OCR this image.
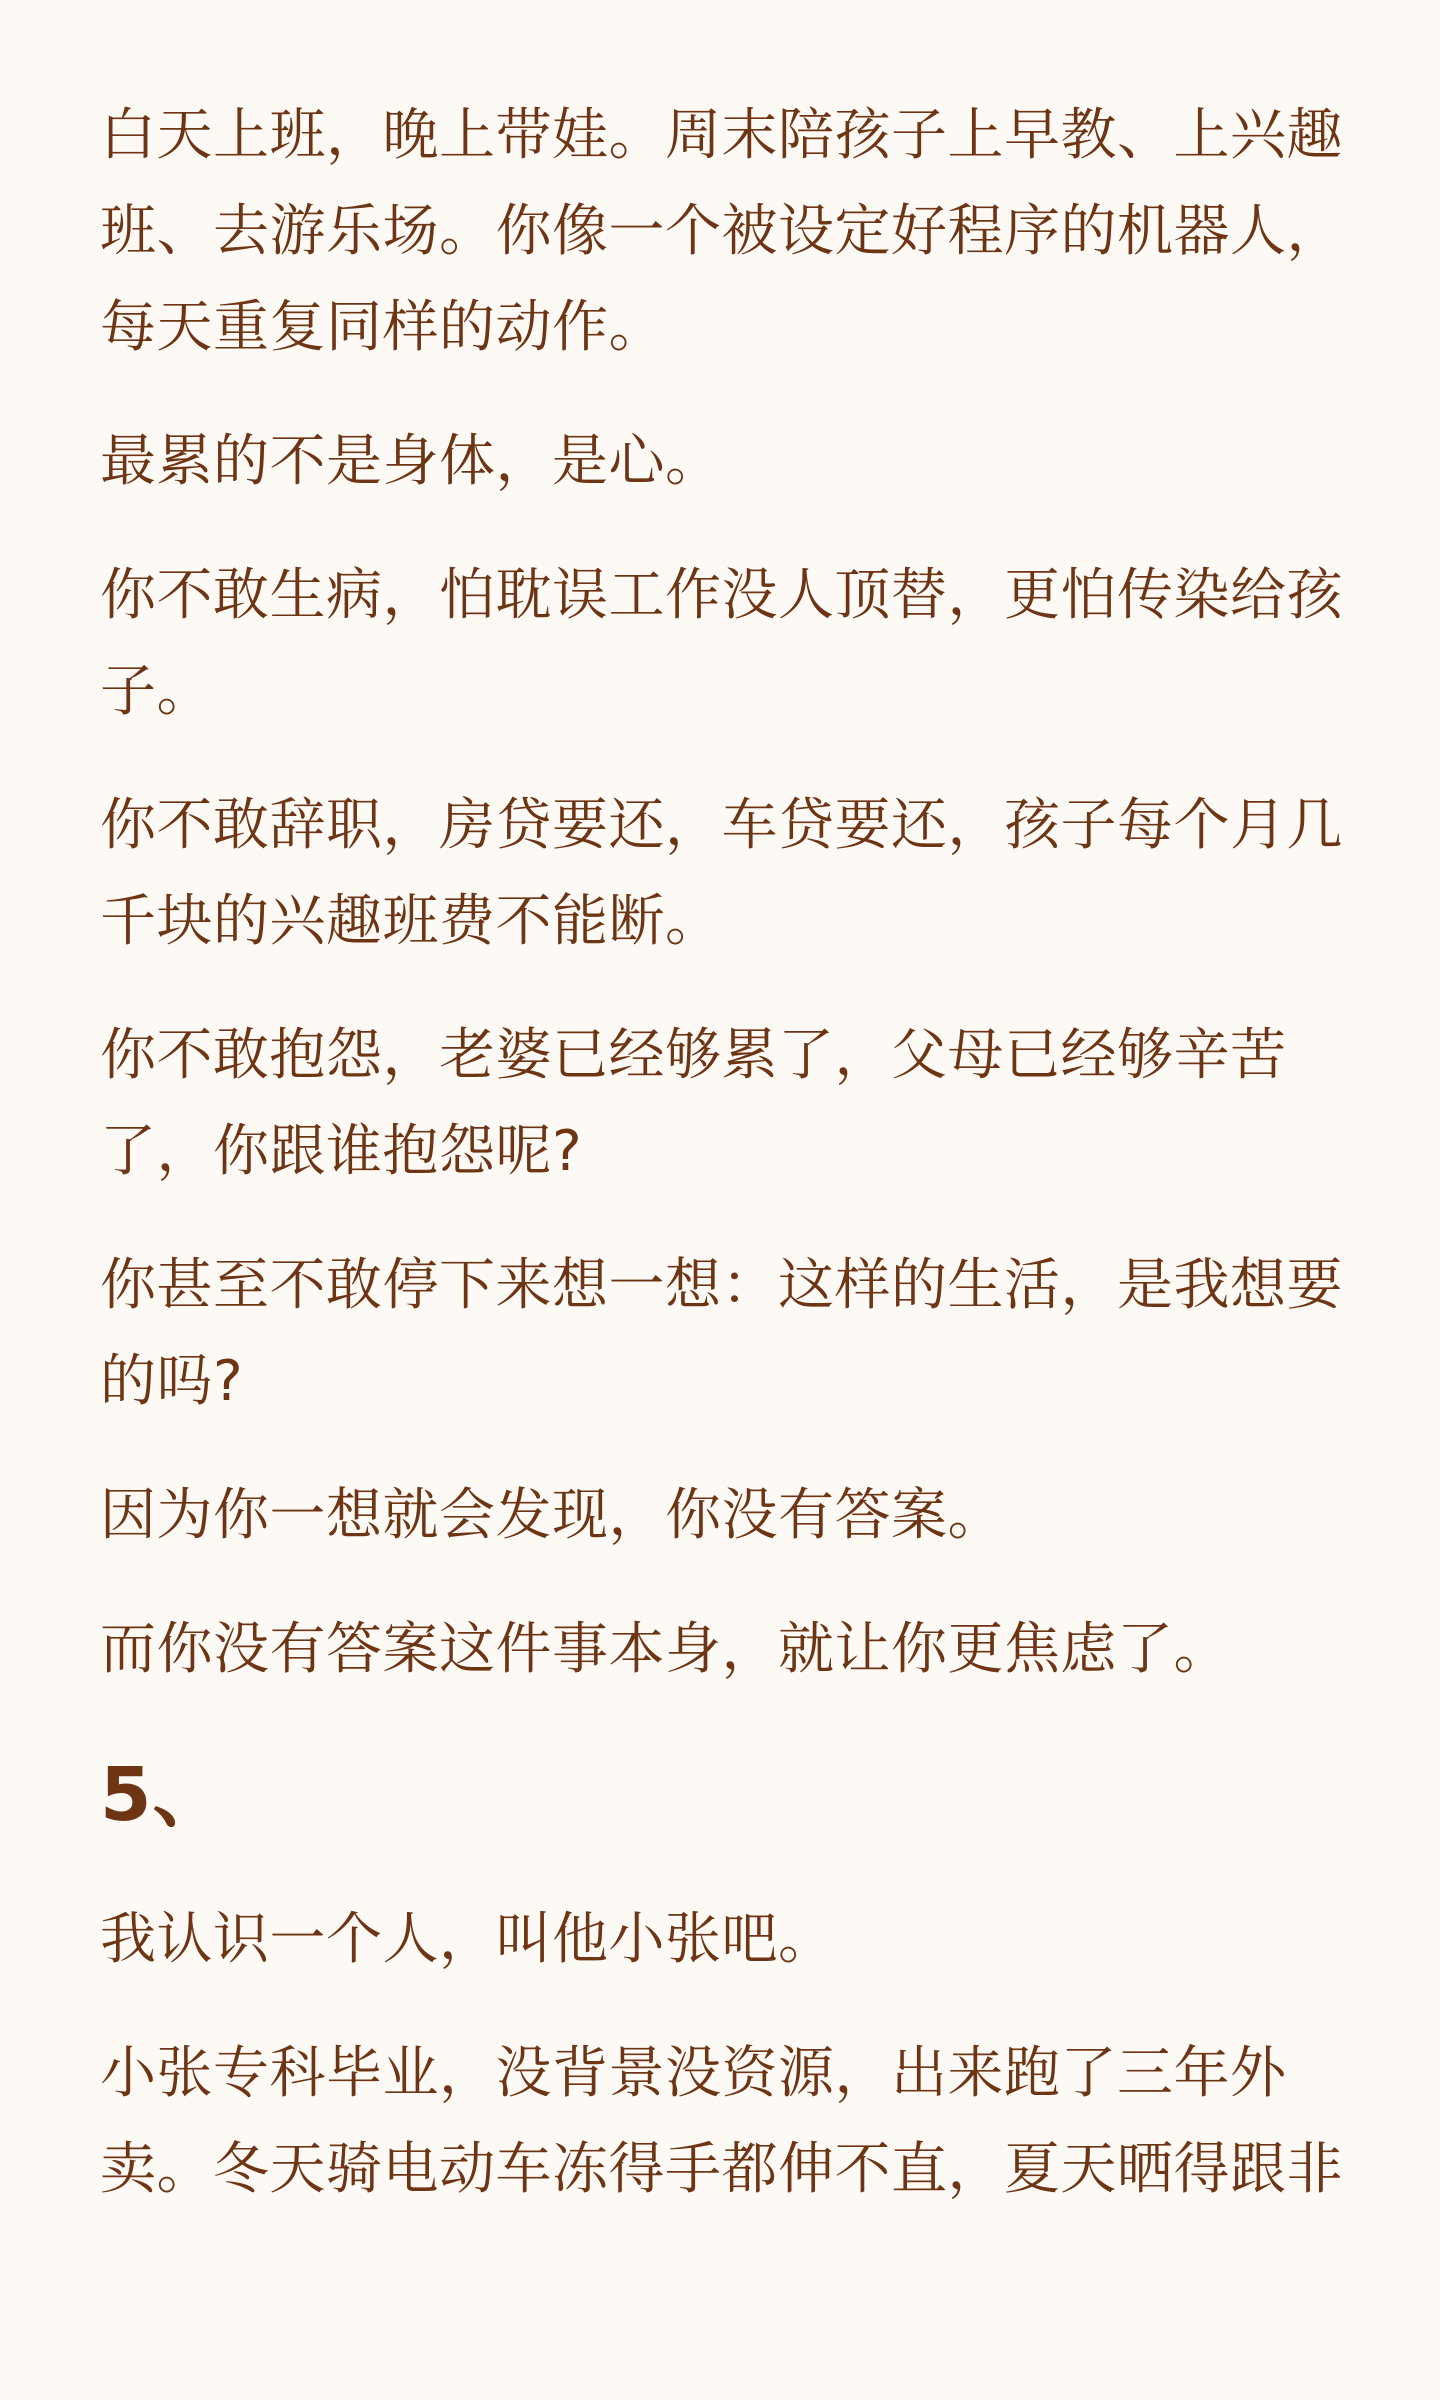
白天上班，晚上带娃。周末陪孩子上早教、上兴趣
班、去游乐场。你像一个被设定好程序的机器人，
每天重复同样的动作。

最累的不是身体，是心。

你不敢生病，怕耽误工作没人顶替，更怕传染给孩
子。

你不敢辞职，房贷要还，车贷要还，孩子每个月几
千块的兴趣班费不能断。

你不敢抱怨，老婆已经够累了，父母已经够辛苦
了，你跟谁抱怨呢?

你甚至不敢停下来想一想：这样的生活，是我想要
的吗?

因为你一想就会发现，你没有答案。

而你没有答案这件事本身，就让你更焦虑了。

5、

我认识一个人，叫他小张吧。

小张专科毕业，没背景没资源，出来跑了三年外
卖。冬天骑电动车冻得手都伸不直，夏天晒得跟非
